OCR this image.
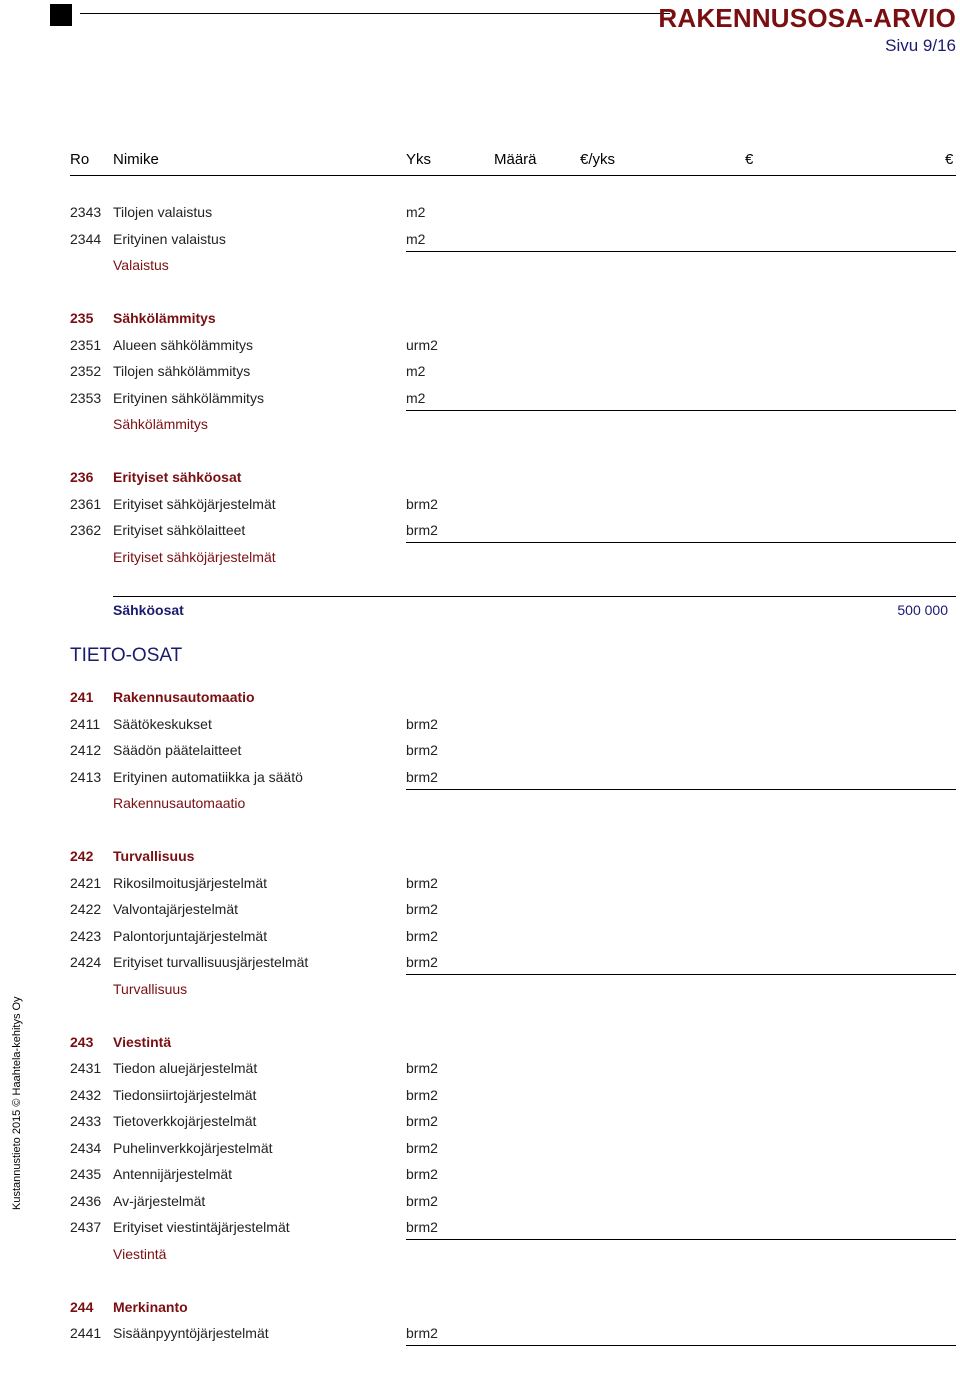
RAKENNUSOSA-ARVIO
Sivu 9/16
Kustannustieto 2015 © Haahtela-kehitys Oy
Ro Nimike	Yks	Määrä	€/yks	€	€
2343 Tilojen valaistus	m2
2344 Erityinen valaistus	m2
Valaistus
235 Sähkölämmitys
2351 Alueen sähkölämmitys	urm2
2352 Tilojen sähkölämmitys	m2
2353 Erityinen sähkölämmitys	m2
Sähkölämmitys
236 Erityiset sähköosat
2361 Erityiset sähköjärjestelmät	brm2
2362 Erityiset sähkölaitteet	brm2
Erityiset sähköjärjestelmät
Sähköosat	500 000
TIETO-OSAT
241 Rakennusautomaatio
2411 Säätökeskukset	brm2
2412 Säädön päätelaitteet	brm2
2413 Erityinen automatiikka ja säätö	brm2
Rakennusautomaatio
242 Turvallisuus
2421 Rikosilmoitusjärjestelmät	brm2
2422 Valvontajärjestelmät	brm2
2423 Palontorjuntajärjestelmät	brm2
2424 Erityiset turvallisuusjärjestelmät	brm2
Turvallisuus
243 Viestintä
2431 Tiedon aluejärjestelmät	brm2
2432 Tiedonsiirtojärjestelmät	brm2
2433 Tietoverkkojärjestelmät	brm2
2434 Puhelinverkkojärjestelmät	brm2
2435 Antennijärjestelmät	brm2
2436 Av-järjestelmät	brm2
2437 Erityiset viestintäjärjestelmät	brm2
Viestintä
244 Merkinanto
2441 Sisäänpyyntöjärjestelmät	brm2
